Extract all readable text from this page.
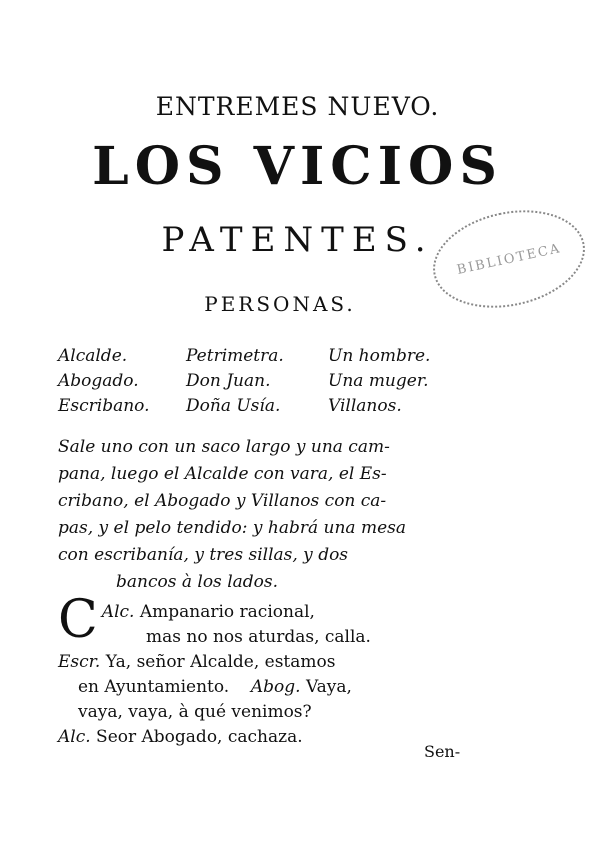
ENTREMES NUEVO.
LOS VICIOS
PATENTES.	BIBLIOTECA
PERSONAS.
Alcalde.
Abogado.
Escribano.
Petrimetra.
Don Juan.
Doña Usía.
Un hombre.
Una muger.
Villanos.
Sale uno con un saco largo y una cam-
pana, luego el Alcalde con vara, el Es-
cribano, el Abogado y Villanos con ca-
pas, y el pelo tendido: y habrá una mesa
con escribanía, y tres sillas, y dos
bancos à los lados.
Alc.
C Ampanario racional,
mas no nos aturdas, calla.
Escr. Ya, señor Alcalde, estamos
en Ayuntamiento. Abog. Vaya,
vaya, vaya, à qué venimos?
Alc. Seor Abogado, cachaza.
Sen-
